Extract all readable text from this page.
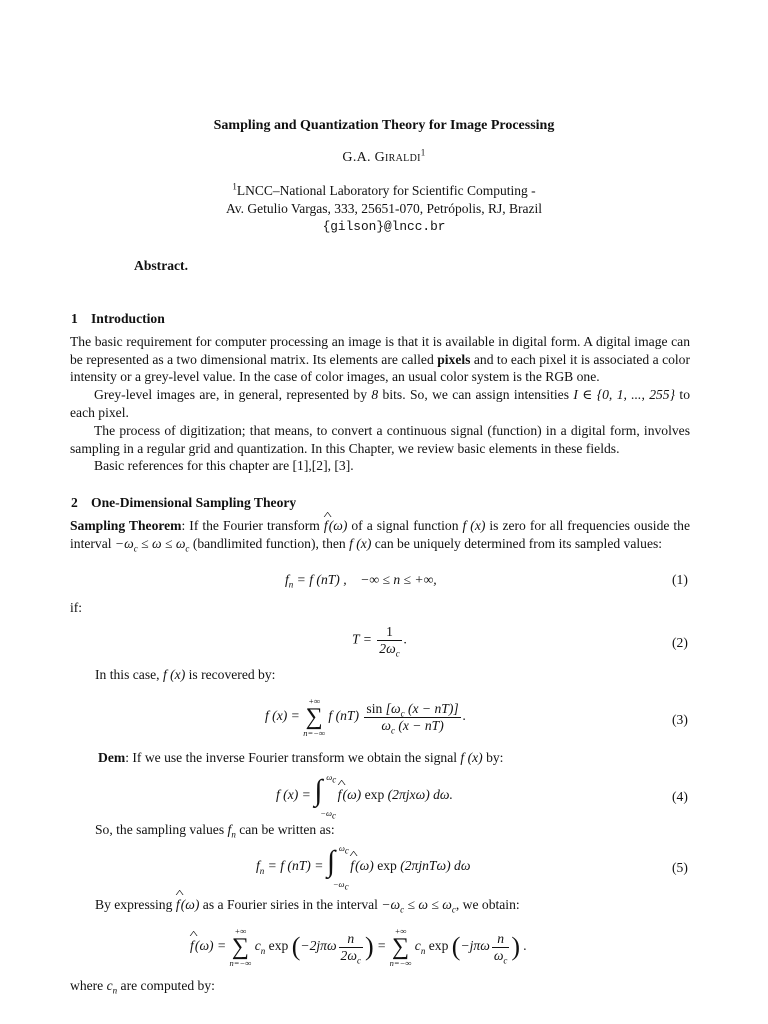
Sampling and Quantization Theory for Image Processing
G.A. Giraldi$^1$
$^1$LNCC–National Laboratory for Scientific Computing -
Av. Getulio Vargas, 333, 25651-070, Petrópolis, RJ, Brazil
{gilson}@lncc.br
Abstract.
1 Introduction
The basic requirement for computer processing an image is that it is available in digital form. A digital image can be represented as a two dimensional matrix. Its elements are called pixels and to each pixel it is associated a color intensity or a grey-level value. In the case of color images, an usual color system is the RGB one.
Grey-level images are, in general, represented by 8 bits. So, we can assign intensities I ∈ {0, 1, ..., 255} to each pixel.
The process of digitization; that means, to convert a continuous signal (function) in a digital form, involves sampling in a regular grid and quantization. In this Chapter, we review basic elements in these fields.
Basic references for this chapter are [1],[2], [3].
2 One-Dimensional Sampling Theory
Sampling Theorem: If the Fourier transform ^ f (ω) of a signal function f (x) is zero for all frequencies ouside the interval $-\omega_c \le \omega \le \omega_c$ (bandlimited function), then f (x) can be uniquely determined from its sampled values:
$f_n = f$ (nT) ,    −∞ ≤ n ≤ +∞,	(1)
if:
$T = \frac{1}{2\omega_c}$ .	(2)
In this case, f (x) is recovered by:
f (x) =
+∞
∑
n=−∞
f $(nT) \frac{\sin [\omega_c (x - nT)]}{\omega_c (x - nT)}$ .	(3)
Dem: If we use the inverse Fourier transform we obtain the signal f (x) by:
f (x) = ∫ $\omega_c$
$-\omega_c$
^ f (ω) exp (2πjxω) dω.	(4)
So, the sampling values $f_n$ can be written as:
$f_n = f$ (nT) = ∫ $\omega_c$
$-\omega_c$
^ f (ω) exp (2πjnTω) dω	(5)
By expressing ^ f (ω) as a Fourier siries in the interval $-\omega_c \le \omega \le \omega_c$, we obtain:
^ f (ω) =
+∞
∑
n=−∞
$c_n$ $\exp (-2j\pi\omega \frac{n}{2\omega_c}$ ) =
+∞
∑
n=−∞
$c_n$ $\exp (-j\pi\omega \frac{n}{\omega_c}$ ) .
where $c_n$ are computed by:
